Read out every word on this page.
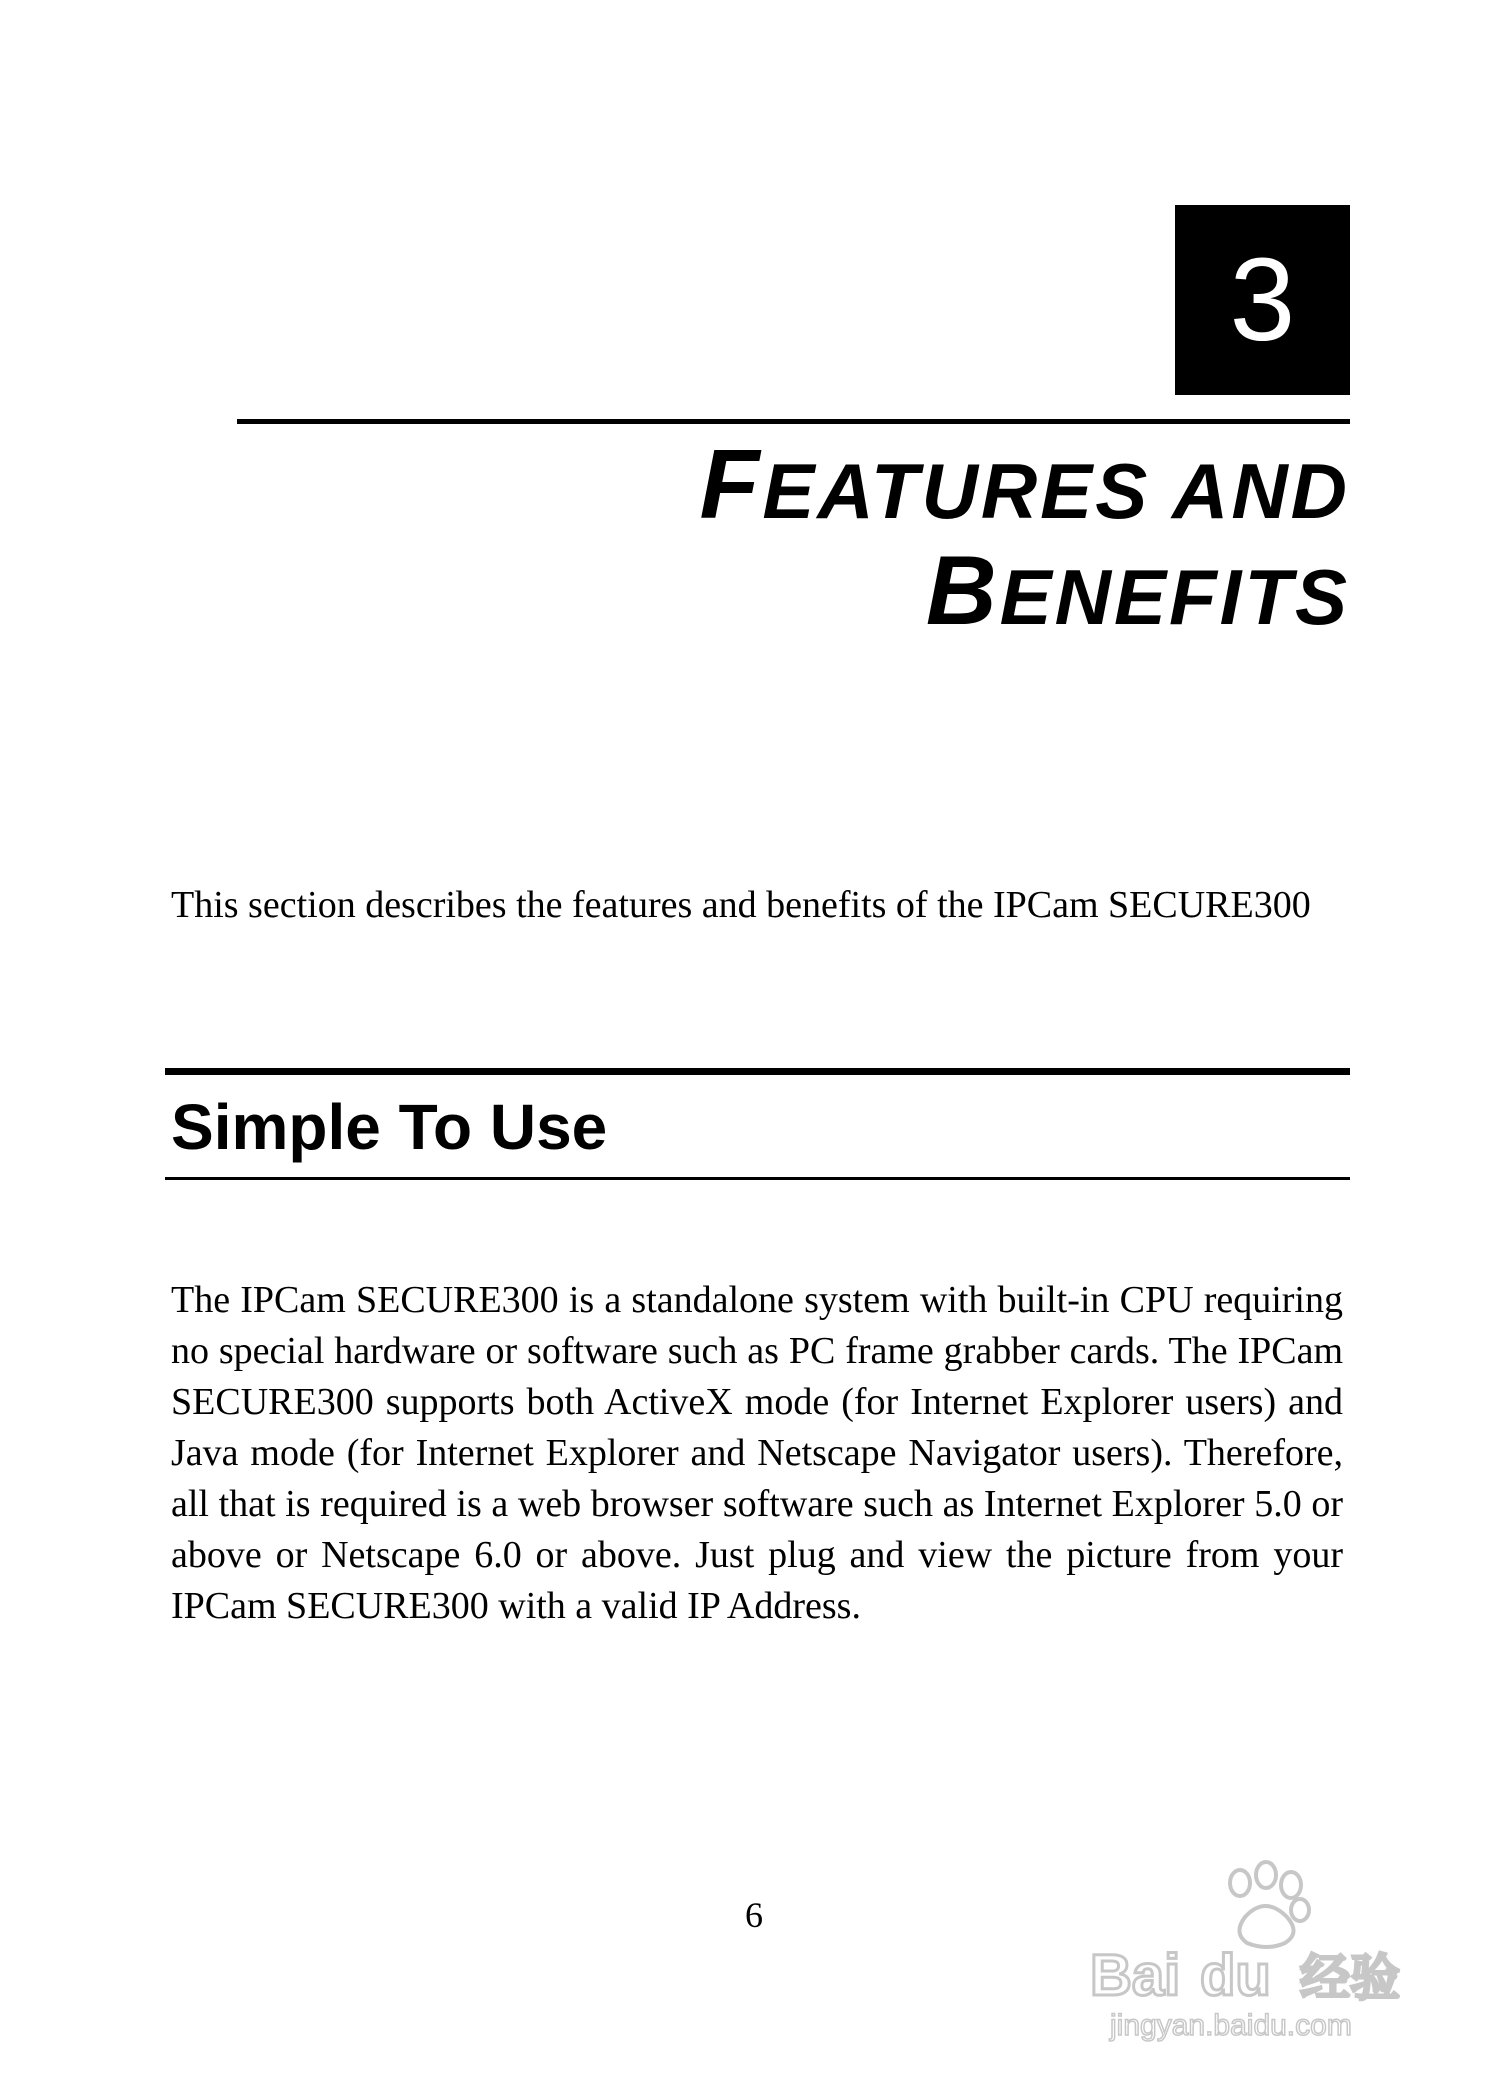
3
FEATURES AND
BENEFITS

This section describes the features and benefits of the IPCam SECURE300

Simple To Use

The IPCam SECURE300 is a standalone system with built-in CPU requiring no special hardware or software such as PC frame grabber cards. The IPCam SECURE300 supports both ActiveX mode (for Internet Explorer users) and Java mode (for Internet Explorer and Netscape Navigator users). Therefore, all that is required is a web browser software such as Internet Explorer 5.0 or above or Netscape 6.0 or above. Just plug and view the picture from your IPCam SECURE300 with a valid IP Address.

6
Bai du 经验
jingyan.baidu.com
